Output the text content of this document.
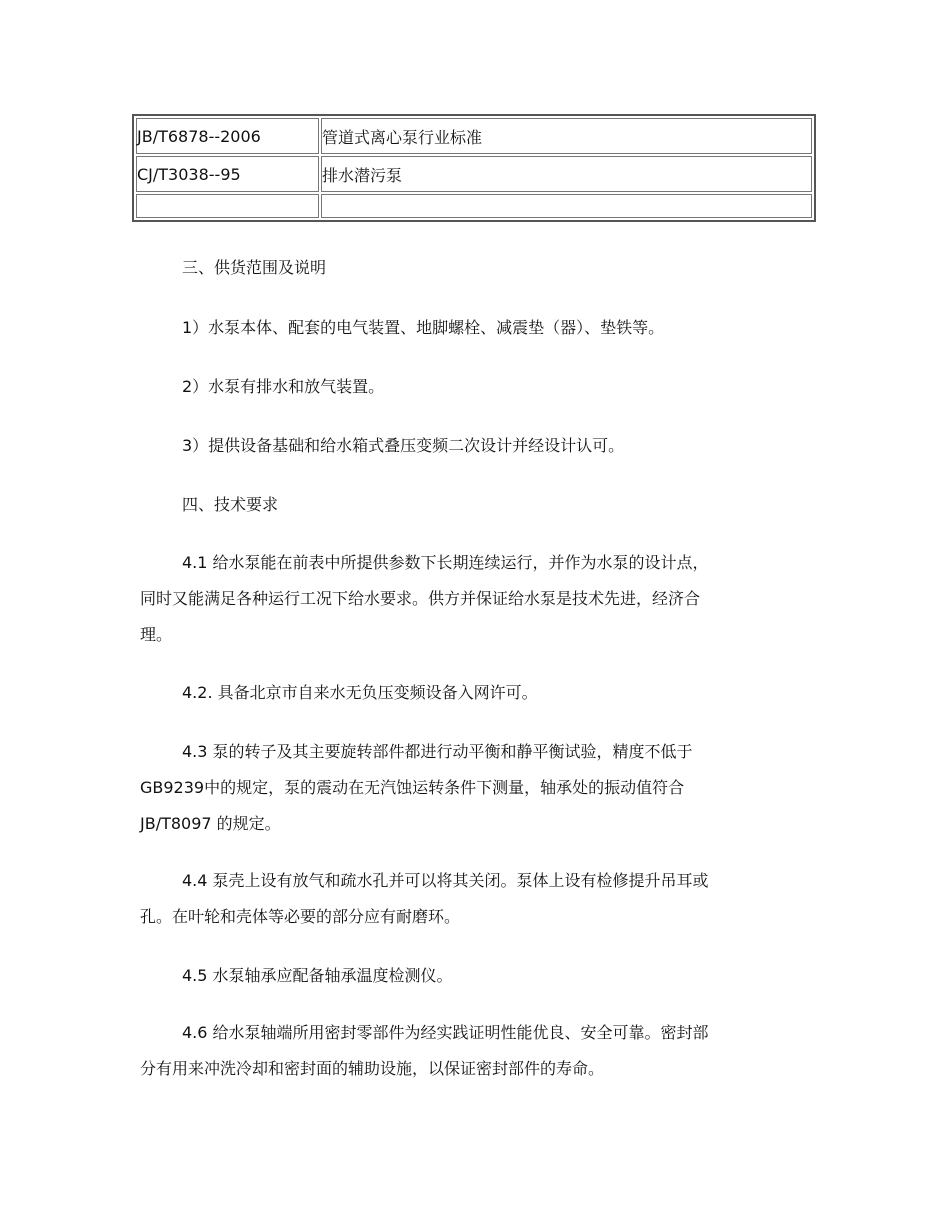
JB/T6878--2006	管道式离心泵行业标准
CJ/T3038--95	排水潜污泵

三、供货范围及说明

1）水泵本体、配套的电气装置、地脚螺栓、减震垫（器）、垫铁等。

2）水泵有排水和放气装置。

3）提供设备基础和给水箱式叠压变频二次设计并经设计认可。

四、技术要求

4.1 给水泵能在前表中所提供参数下长期连续运行，并作为水泵的设计点，
同时又能满足各种运行工况下给水要求。供方并保证给水泵是技术先进，经济合
理。

4.2. 具备北京市自来水无负压变频设备入网许可。

4.3 泵的转子及其主要旋转部件都进行动平衡和静平衡试验，精度不低于
GB9239中的规定，泵的震动在无汽蚀运转条件下测量，轴承处的振动值符合
JB/T8097 的规定。
4.4 泵壳上设有放气和疏水孔并可以将其关闭。泵体上设有检修提升吊耳或
孔。在叶轮和壳体等必要的部分应有耐磨环。

4.5 水泵轴承应配备轴承温度检测仪。

4.6 给水泵轴端所用密封零部件为经实践证明性能优良、安全可靠。密封部
分有用来冲洗冷却和密封面的辅助设施，以保证密封部件的寿命。
